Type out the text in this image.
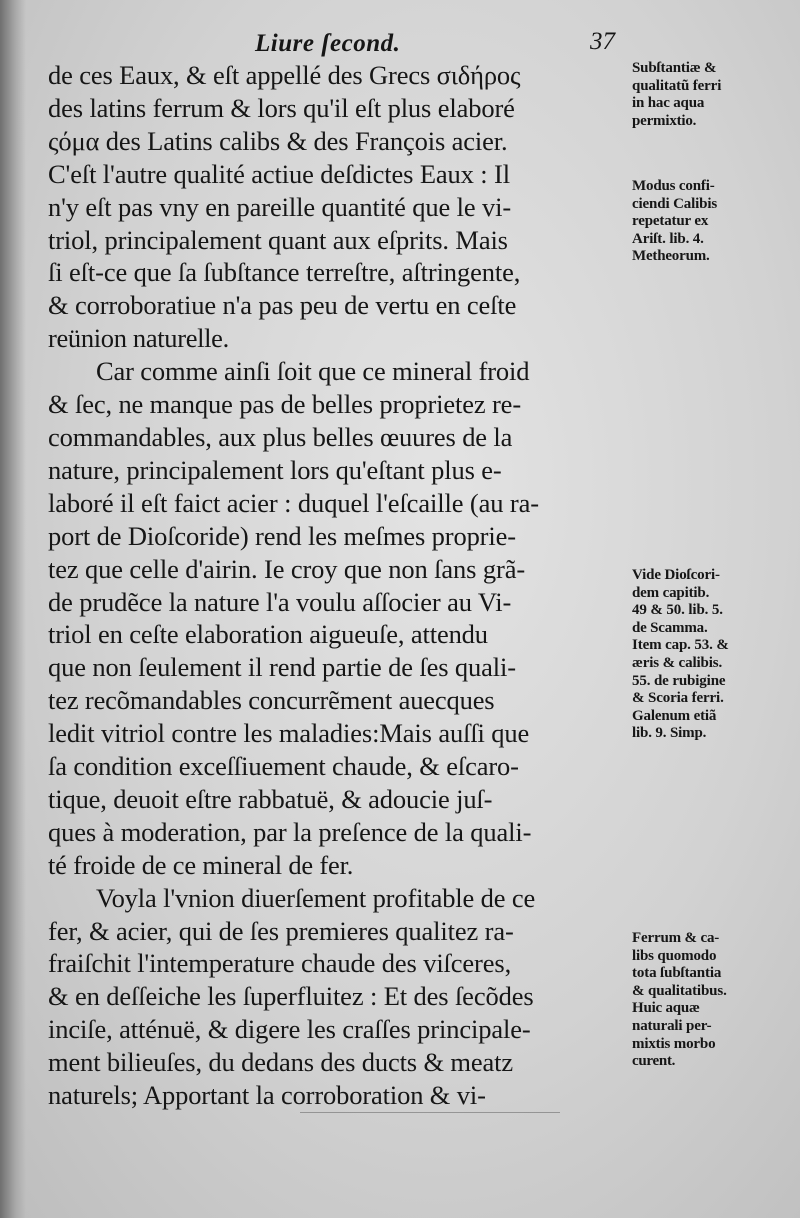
Liure ſecond.	37
de ces Eaux, & eſt appellé des Grecs σιδήρος
des latins ferrum & lors qu'il eſt plus elaboré
ςόμα des Latins calibs & des François acier.
C'eſt l'autre qualité actiue deſdictes Eaux : Il
n'y eſt pas vny en pareille quantité que le vi-
triol, principalement quant aux eſprits. Mais
ſi eſt-ce que ſa ſubſtance terreſtre, aſtringente,
& corroboratiue n'a pas peu de vertu en ceſte
reünion naturelle.
Car comme ainſi ſoit que ce mineral froid
& ſec, ne manque pas de belles proprietez re-
commandables, aux plus belles œuures de la
nature, principalement lors qu'eſtant plus e-
laboré il eſt faict acier : duquel l'eſcaille (au ra-
port de Dioſcoride) rend les meſmes proprie-
tez que celle d'airin. Ie croy que non ſans grã-
de prudẽce la nature l'a voulu aſſocier au Vi-
triol en ceſte elaboration aigueuſe, attendu
que non ſeulement il rend partie de ſes quali-
tez recõmandables concurrẽment auecques
ledit vitriol contre les maladies:Mais auſſi que
ſa condition exceſſiuement chaude, & eſcaro-
tique, deuoit eſtre rabbatuë, & adoucie juſ-
ques à moderation, par la preſence de la quali-
té froide de ce mineral de fer.
Voyla l'vnion diuerſement profitable de ce
fer, & acier, qui de ſes premieres qualitez ra-
fraiſchit l'intemperature chaude des viſceres,
& en deſſeiche les ſuperfluitez : Et des ſecõdes
inciſe, atténuë, & digere les craſſes principale-
ment bilieuſes, du dedans des ducts & meatz
naturels; Apportant la corroboration & vi-
Subſtantiæ &
qualitatũ ferri
in hac aqua
permixtio.
Modus confi-
ciendi Calibis
repetatur ex
Ariſt. lib. 4.
Metheorum.
Vide Dioſcori-
dem capitib.
49 & 50. lib. 5.
de Scamma.
Item cap. 53. &
æris & calibis.
55. de rubigine
& Scoria ferri.
Galenum etiã
lib. 9. Simp.
Ferrum & ca-
libs quomodo
tota ſubſtantia
& qualitatibus.
Huic aquæ
naturali per-
mixtis morbo
curent.
